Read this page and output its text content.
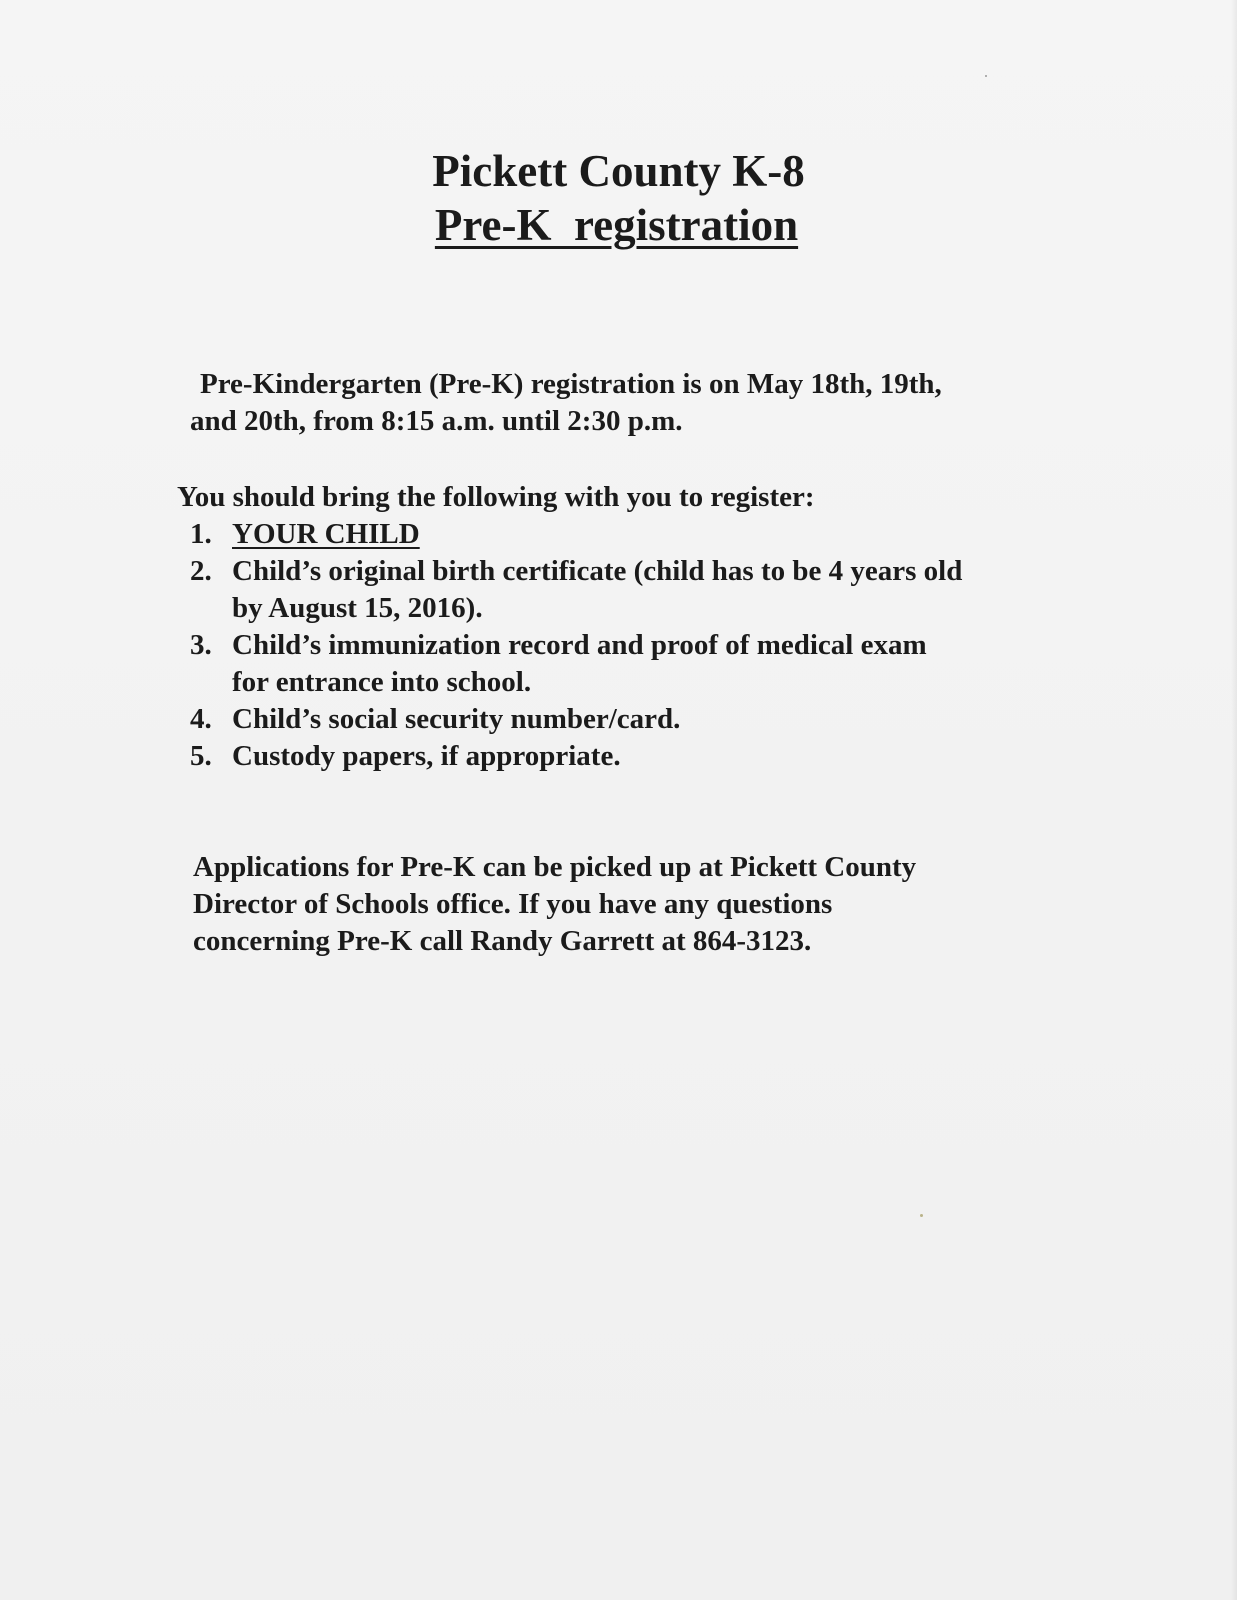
Pickett County K-8
Pre-K  registration
Pre-Kindergarten (Pre-K) registration is on May 18th, 19th,
and 20th, from 8:15 a.m. until 2:30 p.m.
You should bring the following with you to register:
1. YOUR CHILD
2. Child’s original birth certificate (child has to be 4 years old
by August 15, 2016).
3. Child’s immunization record and proof of medical exam
for entrance into school.
4. Child’s social security number/card.
5. Custody papers, if appropriate.
Applications for Pre-K can be picked up at Pickett County
Director of Schools office. If you have any questions
concerning Pre-K call Randy Garrett at 864-3123.
